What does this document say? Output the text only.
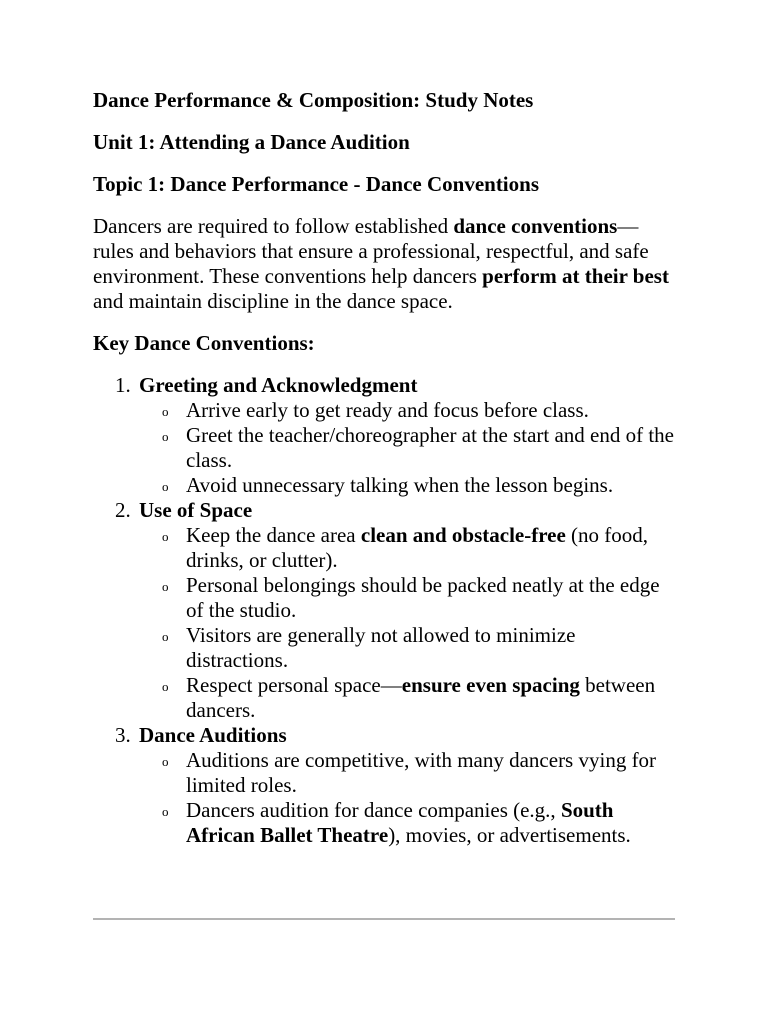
Dance Performance & Composition: Study Notes
Unit 1: Attending a Dance Audition
Topic 1: Dance Performance - Dance Conventions
Dancers are required to follow established dance conventions—rules and behaviors that ensure a professional, respectful, and safe environment. These conventions help dancers perform at their best and maintain discipline in the dance space.
Key Dance Conventions:
1. Greeting and Acknowledgment
o Arrive early to get ready and focus before class.
o Greet the teacher/choreographer at the start and end of the class.
o Avoid unnecessary talking when the lesson begins.
2. Use of Space
o Keep the dance area clean and obstacle-free (no food, drinks, or clutter).
o Personal belongings should be packed neatly at the edge of the studio.
o Visitors are generally not allowed to minimize distractions.
o Respect personal space—ensure even spacing between dancers.
3. Dance Auditions
o Auditions are competitive, with many dancers vying for limited roles.
o Dancers audition for dance companies (e.g., South African Ballet Theatre), movies, or advertisements.
